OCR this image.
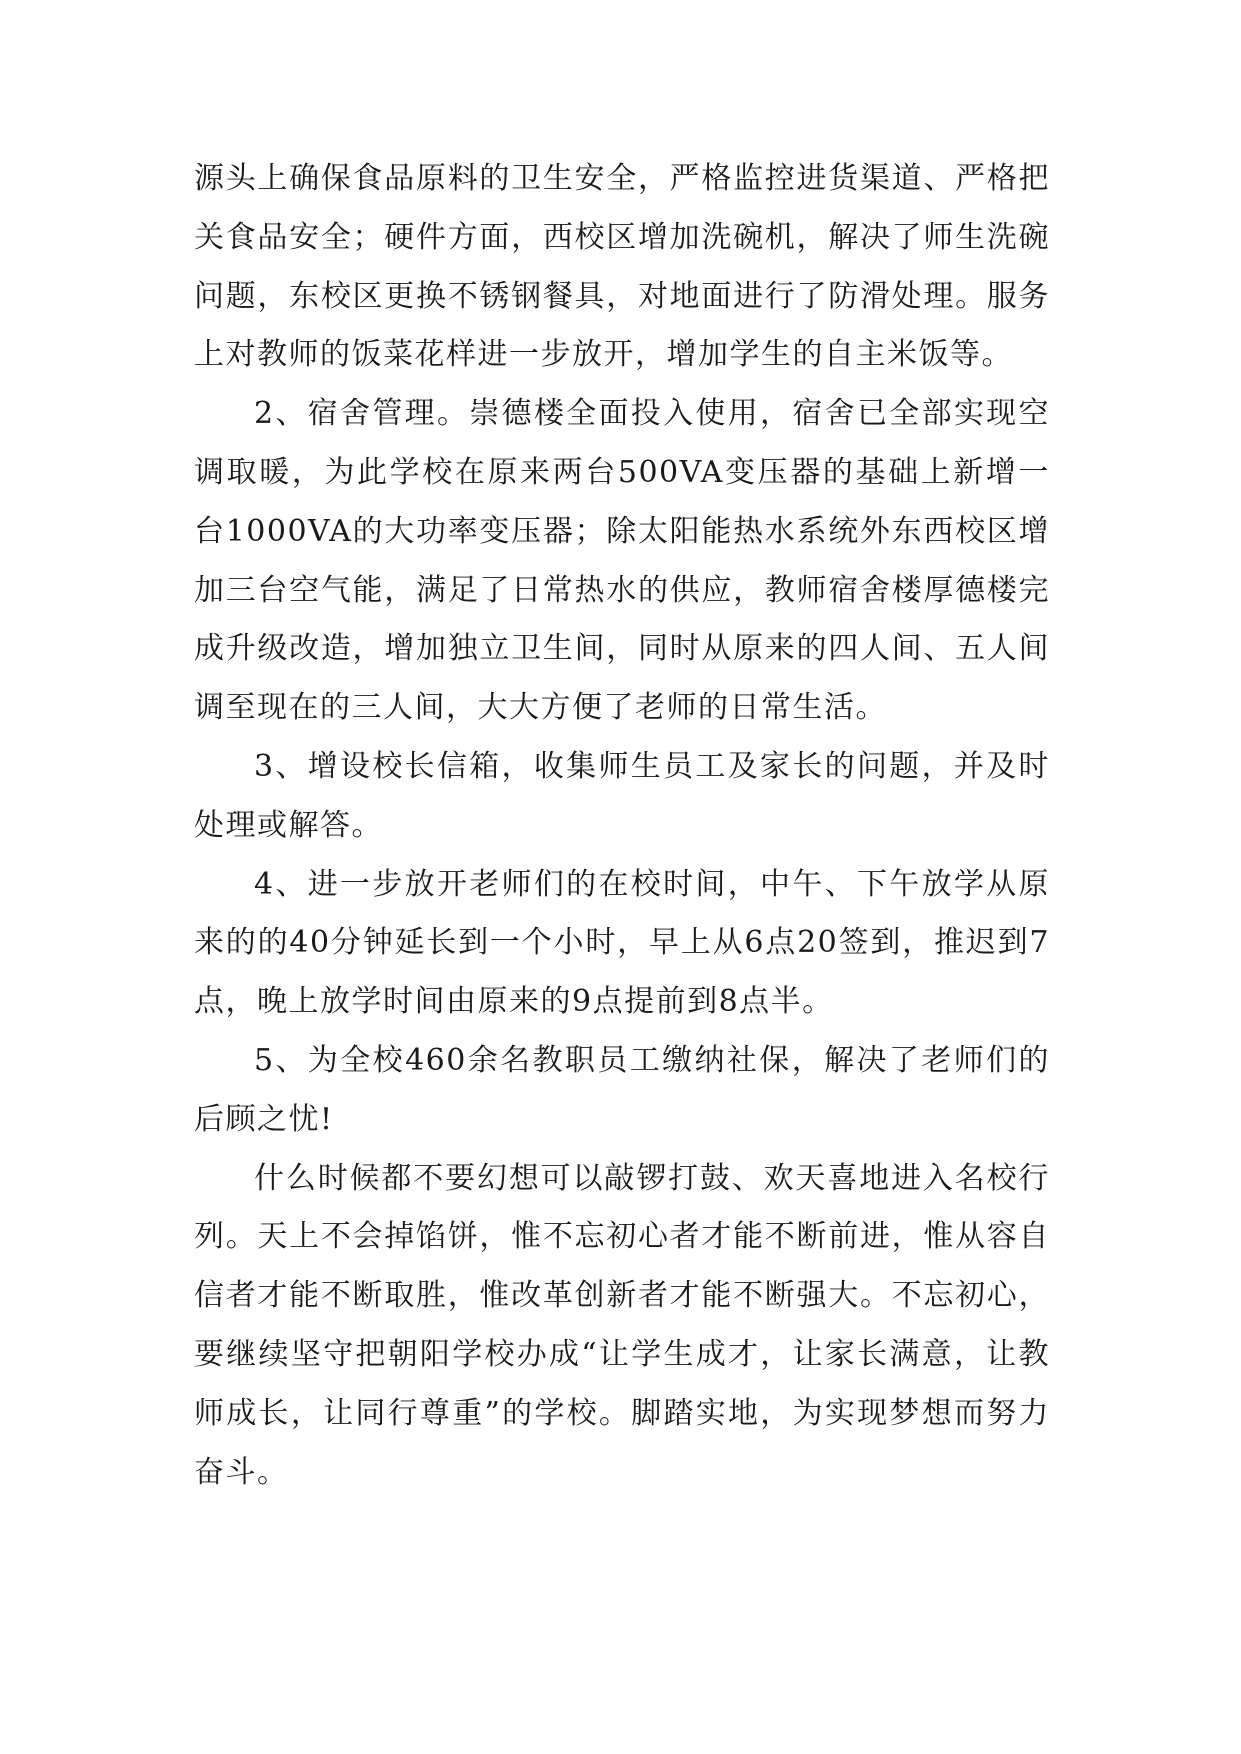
源头上确保食品原料的卫生安全，严格监控进货渠道、严格把关食品安全；硬件方面，西校区增加洗碗机，解决了师生洗碗问题，东校区更换不锈钢餐具，对地面进行了防滑处理。服务上对教师的饭菜花样进一步放开，增加学生的自主米饭等。

2、宿舍管理。崇德楼全面投入使用，宿舍已全部实现空调取暖，为此学校在原来两台500VA变压器的基础上新增一台1000VA的大功率变压器；除太阳能热水系统外东西校区增加三台空气能，满足了日常热水的供应，教师宿舍楼厚德楼完成升级改造，增加独立卫生间，同时从原来的四人间、五人间调至现在的三人间，大大方便了老师的日常生活。

3、增设校长信箱，收集师生员工及家长的问题，并及时处理或解答。

4、进一步放开老师们的在校时间，中午、下午放学从原来的的40分钟延长到一个小时，早上从6点20签到，推迟到7点，晚上放学时间由原来的9点提前到8点半。

5、为全校460余名教职员工缴纳社保，解决了老师们的后顾之忧!

什么时候都不要幻想可以敲锣打鼓、欢天喜地进入名校行列。天上不会掉馅饼，惟不忘初心者才能不断前进，惟从容自信者才能不断取胜，惟改革创新者才能不断强大。不忘初心，要继续坚守把朝阳学校办成“让学生成才，让家长满意，让教师成长，让同行尊重”的学校。脚踏实地，为实现梦想而努力奋斗。
